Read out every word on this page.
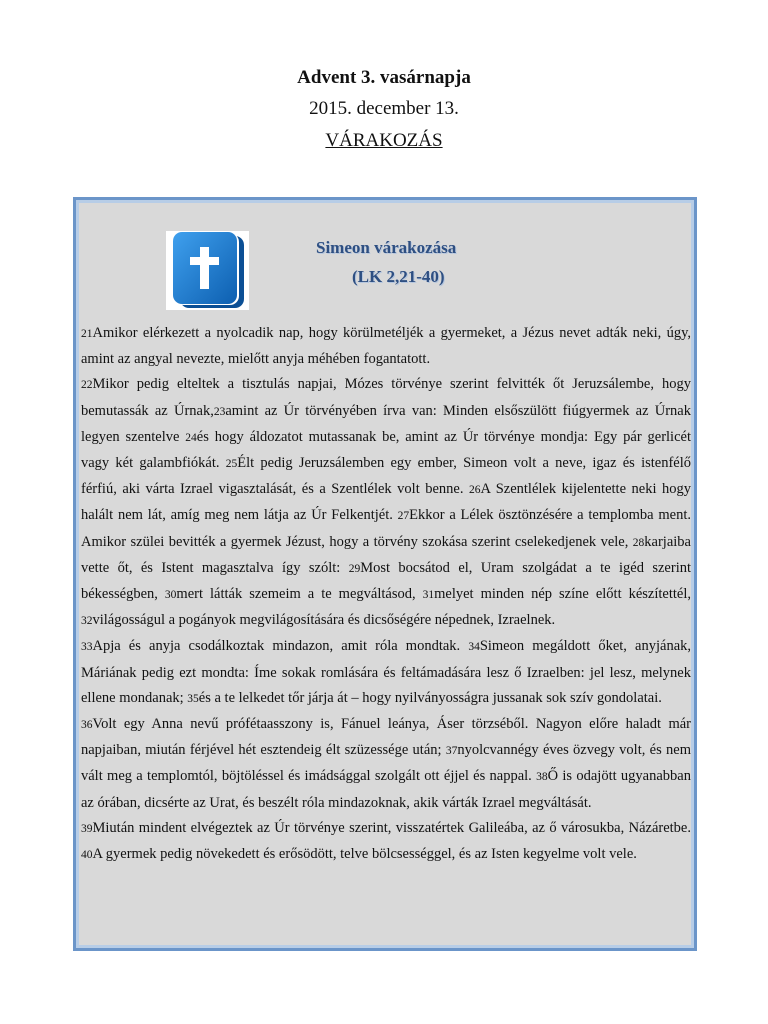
Advent 3. vasárnapja
2015. december 13.
VÁRAKOZÁS
Simeon várakozása
(LK 2,21-40)

21Amikor elérkezett a nyolcadik nap, hogy körülmetéljék a gyermeket, a Jézus nevet adták neki, úgy, amint az angyal nevezte, mielőtt anyja méhében fogantatott.

22Mikor pedig elteltek a tisztulás napjai, Mózes törvénye szerint felvitték őt Jeruzsálembe, hogy bemutassák az Úrnak,23amint az Úr törvényében írva van: Minden elsőszülött fiúgyermek az Úrnak legyen szentelve 24és hogy áldozatot mutassanak be, amint az Úr törvénye mondja: Egy pár gerlicét vagy két galambfiókát. 25Élt pedig Jeruzsálemben egy ember, Simeon volt a neve, igaz és istenfélő férfiú, aki várta Izrael vigasztalását, és a Szentlélek volt benne. 26A Szentlélek kijelentette neki hogy halált nem lát, amíg meg nem látja az Úr Felkentjét. 27Ekkor a Lélek ösztönzésére a templomba ment. Amikor szülei bevitték a gyermek Jézust, hogy a törvény szokása szerint cselekedjenek vele, 28karjaiba vette őt, és Istent magasztalva így szólt: 29Most bocsátod el, Uram szolgádat a te igéd szerint békességben, 30mert látták szemeim a te megváltásod, 31melyet minden nép színe előtt készítettél, 32világosságul a pogányok megvilágosítására és dicsőségére népednek, Izraelnek.

33Apja és anyja csodálkoztak mindazon, amit róla mondtak. 34Simeon megáldott őket, anyjának, Máriának pedig ezt mondta: Íme sokak romlására és feltámadására lesz ő Izraelben: jel lesz, melynek ellene mondanak; 35és a te lelkedet tőr járja át – hogy nyilványosságra jussanak sok szív gondolatai.

36Volt egy Anna nevű prófétaasszony is, Fánuel leánya, Áser törzséből. Nagyon előre haladt már napjaiban, miután férjével hét esztendeig élt szüzessége után; 37nyolcvannégy éves özvegy volt, és nem vált meg a templomtól, böjtöléssel és imádsággal szolgált ott éjjel és nappal. 38Ő is odajött ugyanabban az órában, dicsérte az Urat, és beszélt róla mindazoknak, akik várták Izrael megváltását.

39Miután mindent elvégeztek az Úr törvénye szerint, visszatértek Galileába, az ő városukba, Názáretbe. 40A gyermek pedig növekedett és erősödött, telve bölcsességgel, és az Isten kegyelme volt vele.
